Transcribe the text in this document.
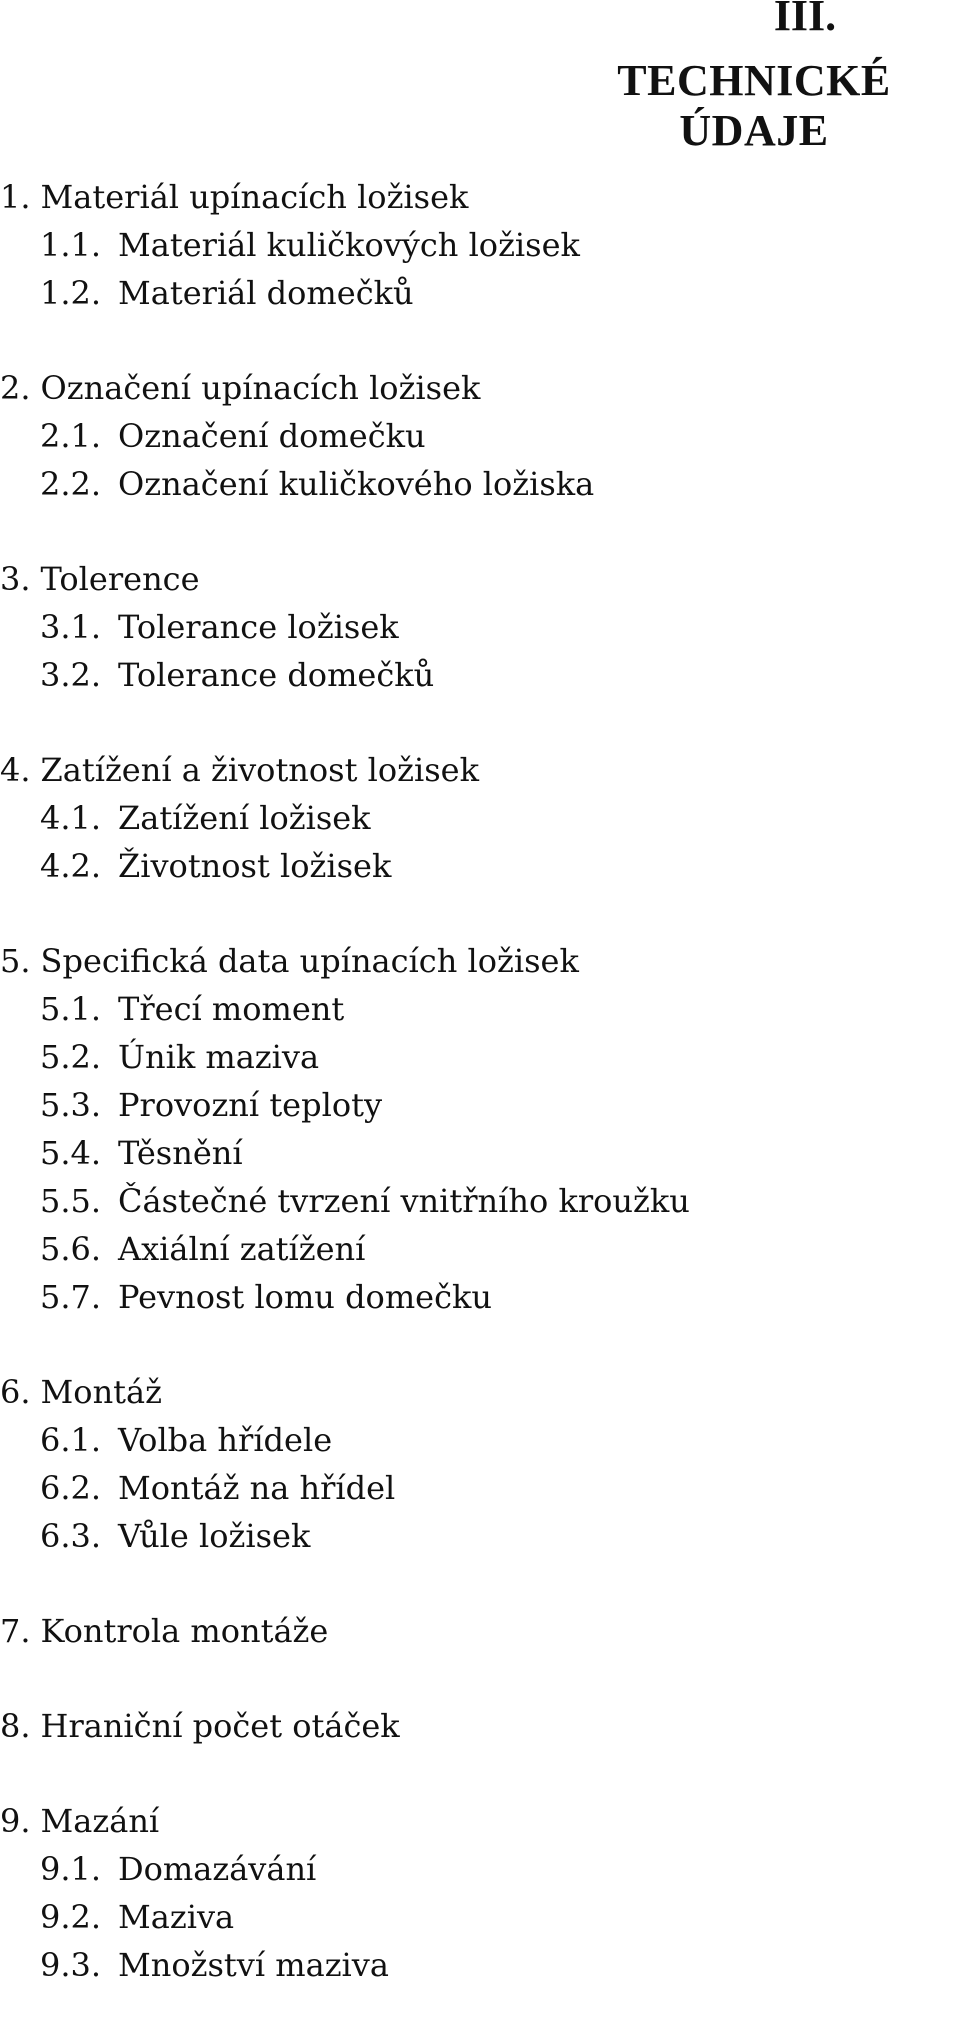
III.
TECHNICKÉ ÚDAJE
1. Materiál upínacích ložisek
1.1. Materiál kuličkových ložisek
1.2. Materiál domečků
2. Označení upínacích ložisek
2.1. Označení domečku
2.2. Označení kuličkového ložiska
3. Tolerence
3.1. Tolerance ložisek
3.2. Tolerance domečků
4. Zatížení a životnost ložisek
4.1. Zatížení ložisek
4.2. Životnost ložisek
5. Specifická data upínacích ložisek
5.1. Třecí moment
5.2. Únik maziva
5.3. Provozní teploty
5.4. Těsnění
5.5. Částečné tvrzení vnitřního kroužku
5.6. Axiální zatížení
5.7. Pevnost lomu domečku
6. Montáž
6.1. Volba hřídele
6.2. Montáž na hřídel
6.3. Vůle ložisek
7. Kontrola montáže
8. Hraniční počet otáček
9. Mazání
9.1. Domazávání
9.2. Maziva
9.3. Množství maziva
